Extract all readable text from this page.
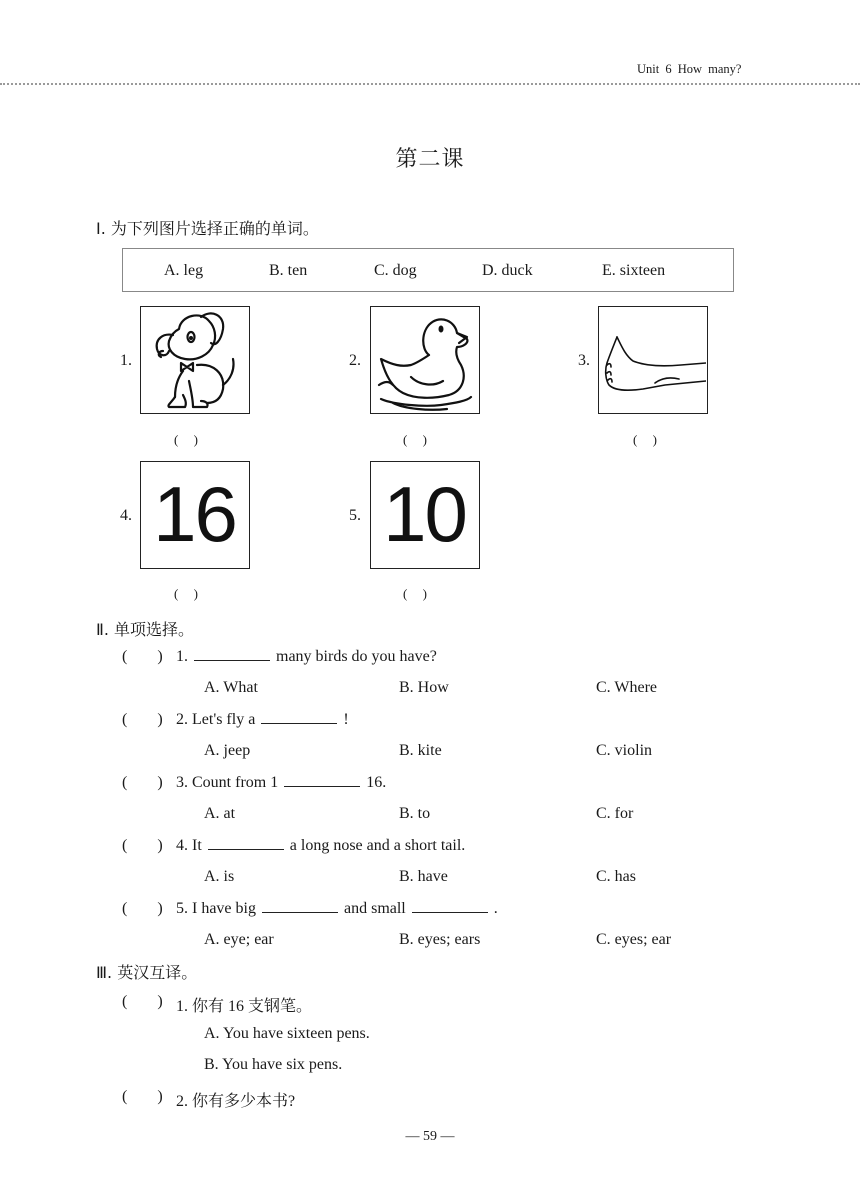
Unit 6 How many?
第二课
Ⅰ. 为下列图片选择正确的单词。
A. leg	B. ten	C. dog	D. duck	E. sixteen
1.
( )
2.
( )
3.
( )
4. 16
( )
5. 10
( )
Ⅱ. 单项选择。
( ) 1.	many birds do you have?
A. What	B. How	C. Where
( ) 2. Let's fly a	!
A. jeep	B. kite	C. violin
( ) 3. Count from 1	16.
A. at	B. to	C. for
( ) 4. It	a long nose and a short tail.
A. is	B. have	C. has
( ) 5. I have big	and small	.
A. eye; ear	B. eyes; ears	C. eyes; ear
Ⅲ. 英汉互译。
( ) 1. 你有 16 支钢笔。
A. You have sixteen pens.
B. You have six pens.
( ) 2. 你有多少本书?
— 59 —
